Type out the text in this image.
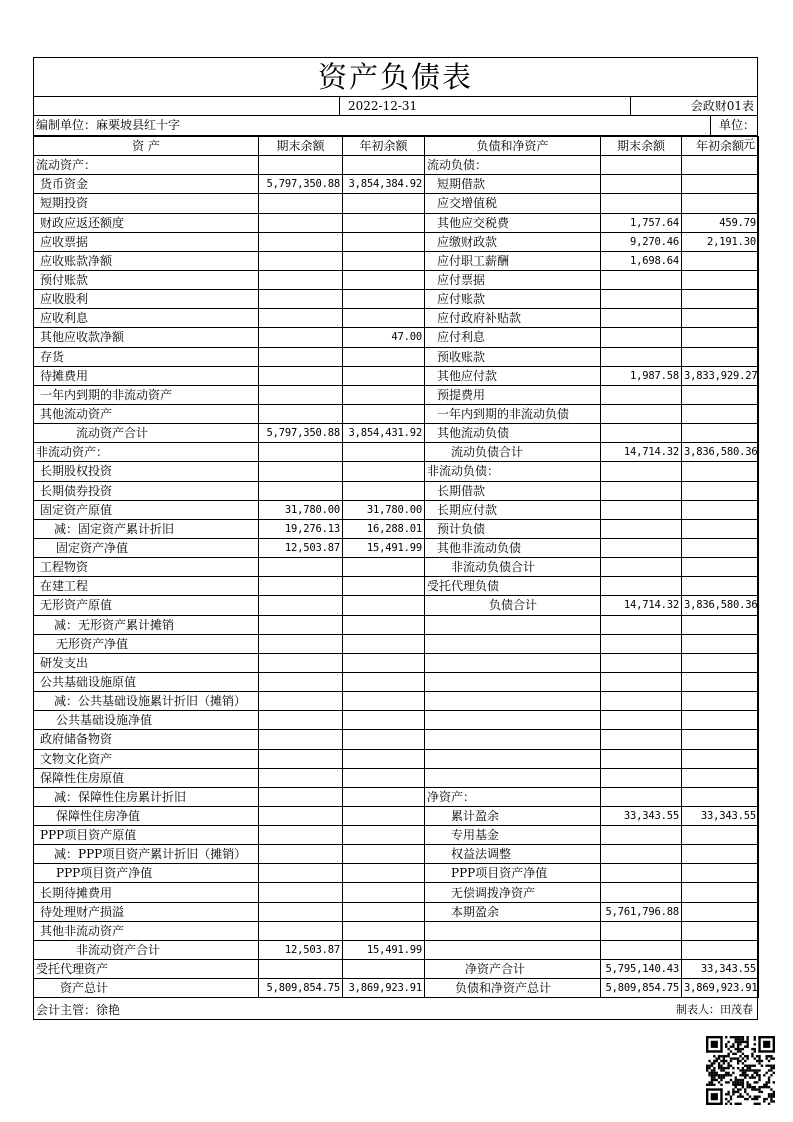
资产负债表
2022-12-31	会政财01表
编制单位：麻栗坡县红十字	单位：元
资 产	期末余额	年初余额	负债和净资产	期末余额	年初余额
流动资产：			流动负债：		
货币资金	5,797,350.88	3,854,384.92	短期借款		
短期投资			应交增值税		
财政应返还额度			其他应交税费	1,757.64	459.79
应收票据			应缴财政款	9,270.46	2,191.30
应收账款净额			应付职工薪酬	1,698.64	
预付账款			应付票据		
应收股利			应付账款		
应收利息			应付政府补贴款		
其他应收款净额		47.00	应付利息		
存货			预收账款		
待摊费用			其他应付款	1,987.58	3,833,929.27
一年内到期的非流动资产			预提费用		
其他流动资产			一年内到期的非流动负债		
流动资产合计	5,797,350.88	3,854,431.92	其他流动负债		
非流动资产：			流动负债合计	14,714.32	3,836,580.36
长期股权投资			非流动负债：		
长期债券投资			长期借款		
固定资产原值	31,780.00	31,780.00	长期应付款		
减：固定资产累计折旧	19,276.13	16,288.01	预计负债		
固定资产净值	12,503.87	15,491.99	其他非流动负债		
工程物资			非流动负债合计		
在建工程			受托代理负债		
无形资产原值			负债合计	14,714.32	3,836,580.36
减：无形资产累计摊销					
无形资产净值					
研发支出					
公共基础设施原值					
减：公共基础设施累计折旧（摊销）					
公共基础设施净值					
政府储备物资					
文物文化资产					
保障性住房原值					
减：保障性住房累计折旧			净资产：		
保障性住房净值			累计盈余	33,343.55	33,343.55
PPP项目资产原值			专用基金		
减：PPP项目资产累计折旧（摊销）			权益法调整		
PPP项目资产净值			PPP项目资产净值		
长期待摊费用			无偿调拨净资产		
待处理财产损溢			本期盈余	5,761,796.88	
其他非流动资产					
非流动资产合计	12,503.87	15,491.99			
受托代理资产			净资产合计	5,795,140.43	33,343.55
资产总计	5,809,854.75	3,869,923.91	负债和净资产总计	5,809,854.75	3,869,923.91
会计主管：徐艳	制表人：田茂春
